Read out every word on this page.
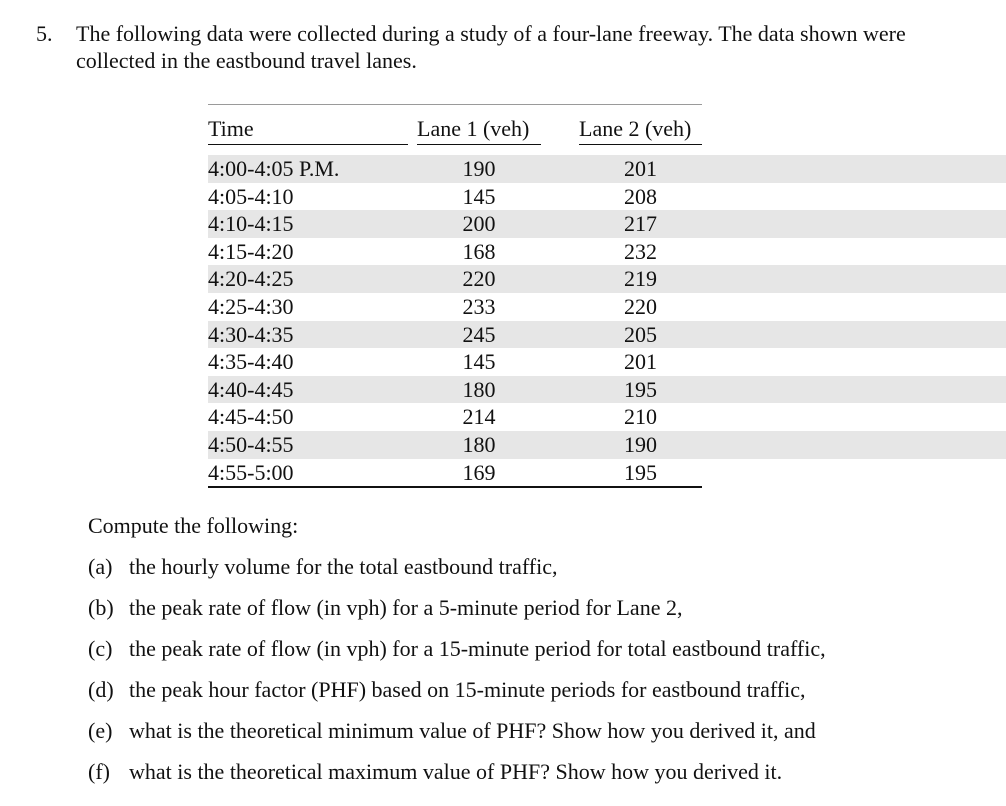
5. The following data were collected during a study of a four-lane freeway. The data shown were collected in the eastbound travel lanes.
Time	Lane 1 (veh)	Lane 2 (veh)
4:00-4:05 P.M.	190	201
4:05-4:10	145	208
4:10-4:15	200	217
4:15-4:20	168	232
4:20-4:25	220	219
4:25-4:30	233	220
4:30-4:35	245	205
4:35-4:40	145	201
4:40-4:45	180	195
4:45-4:50	214	210
4:50-4:55	180	190
4:55-5:00	169	195
Compute the following:
(a) the hourly volume for the total eastbound traffic,
(b) the peak rate of flow (in vph) for a 5-minute period for Lane 2,
(c) the peak rate of flow (in vph) for a 15-minute period for total eastbound traffic,
(d) the peak hour factor (PHF) based on 15-minute periods for eastbound traffic,
(e) what is the theoretical minimum value of PHF? Show how you derived it, and
(f) what is the theoretical maximum value of PHF? Show how you derived it.
